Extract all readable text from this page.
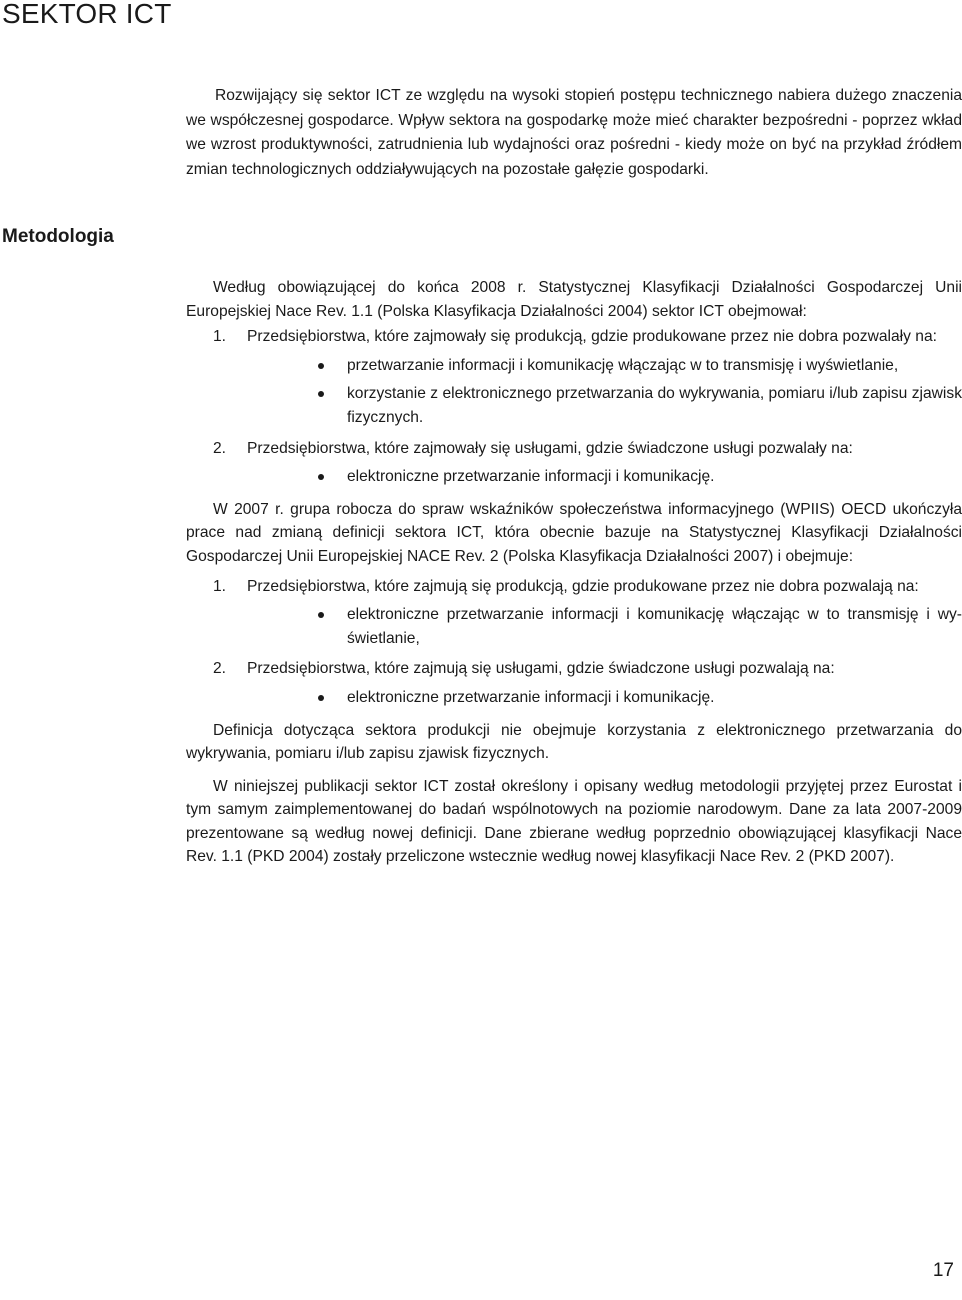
SEKTOR ICT
Metodologia

Rozwijający się sektor ICT ze względu na wysoki stopień postępu technicznego nabiera dużego znaczenia we współczesnej gospodarce. Wpływ sektora na gospodarkę może mieć charakter bezpośredni - poprzez wkład we wzrost produktywności, zatrudnienia lub wydajności oraz pośredni - kiedy może on być na przykład źródłem zmian technologicznych oddziaływujących na pozostałe gałęzie gospodarki.

Według obowiązującej do końca 2008 r. Statystycznej Klasyfikacji Działalności Gospodarczej Unii Europejskiej Nace Rev. 1.1 (Polska Klasyfikacja Działalności 2004) sektor ICT obejmował:

1. Przedsiębiorstwa, które zajmowały się produkcją, gdzie produkowane przez nie dobra pozwalały na:
przetwarzanie informacji i komunikację włączając w to transmisję i wyświetlanie,
korzystanie z elektronicznego przetwarzania do wykrywania, pomiaru i/lub zapisu zjawisk fizycznych.
2. Przedsiębiorstwa, które zajmowały się usługami, gdzie świadczone usługi pozwalały na:
elektroniczne przetwarzanie informacji i komunikację.

W 2007 r. grupa robocza do spraw wskaźników społeczeństwa informacyjnego (WPIIS) OECD ukończyła prace nad zmianą definicji sektora ICT, która obecnie bazuje na Statystycznej Klasyfikacji Działalności Gospodarczej Unii Europejskiej NACE Rev. 2 (Polska Klasyfikacja Działalności 2007) i obejmuje:

1. Przedsiębiorstwa, które zajmują się produkcją, gdzie produkowane przez nie dobra pozwalają na:
elektroniczne przetwarzanie informacji i komunikację włączając w to transmisję i wyświetlanie,
2. Przedsiębiorstwa, które zajmują się usługami, gdzie świadczone usługi pozwalają na:
elektroniczne przetwarzanie informacji i komunikację.

Definicja dotycząca sektora produkcji nie obejmuje korzystania z elektronicznego przetwarzania do wykrywania, pomiaru i/lub zapisu zjawisk fizycznych.

W niniejszej publikacji sektor ICT został określony i opisany według metodologii przyjętej przez Eurostat i tym samym zaimplementowanej do badań wspólnotowych na poziomie narodowym. Dane za lata 2007-2009 prezentowane są według nowej definicji. Dane zbierane według poprzednio obowiązującej klasyfikacji Nace Rev. 1.1 (PKD 2004) zostały przeliczone wstecznie według nowej klasyfikacji Nace Rev. 2 (PKD 2007).

17
